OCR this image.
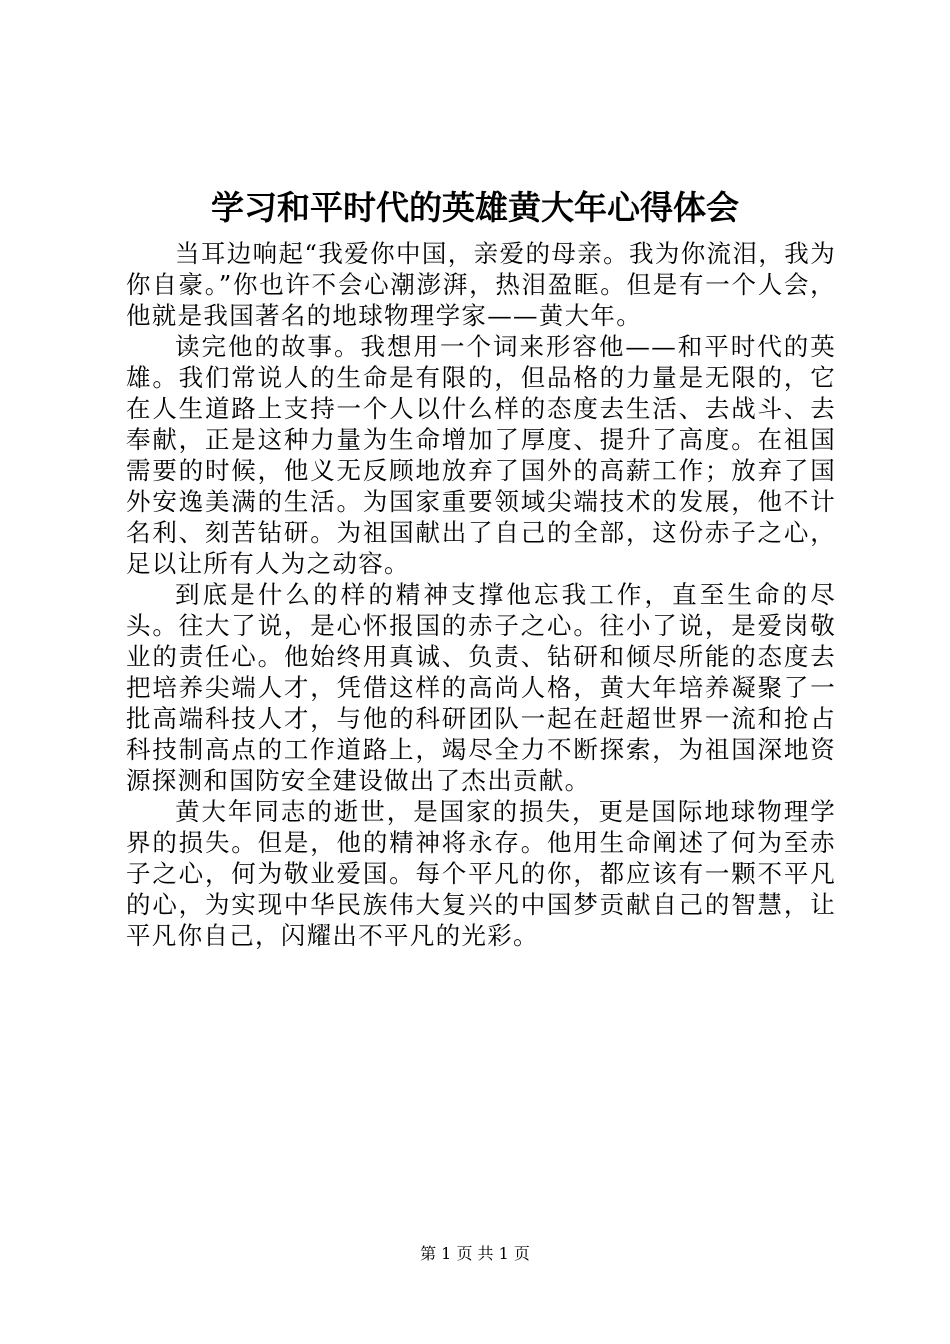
学习和平时代的英雄黄大年心得体会

当耳边响起“我爱你中国，亲爱的母亲。我为你流泪，我为你自豪。”你也许不会心潮澎湃，热泪盈眶。但是有一个人会，他就是我国著名的地球物理学家——黄大年。

读完他的故事。我想用一个词来形容他——和平时代的英雄。我们常说人的生命是有限的，但品格的力量是无限的，它在人生道路上支持一个人以什么样的态度去生活、去战斗、去奉献，正是这种力量为生命增加了厚度、提升了高度。在祖国需要的时候，他义无反顾地放弃了国外的高薪工作；放弃了国外安逸美满的生活。为国家重要领域尖端技术的发展，他不计名利、刻苦钻研。为祖国献出了自己的全部，这份赤子之心，足以让所有人为之动容。

到底是什么的样的精神支撑他忘我工作，直至生命的尽头。往大了说，是心怀报国的赤子之心。往小了说，是爱岗敬业的责任心。他始终用真诚、负责、钻研和倾尽所能的态度去把培养尖端人才，凭借这样的高尚人格，黄大年培养凝聚了一批高端科技人才，与他的科研团队一起在赶超世界一流和抢占科技制高点的工作道路上，竭尽全力不断探索，为祖国深地资源探测和国防安全建设做出了杰出贡献。

黄大年同志的逝世，是国家的损失，更是国际地球物理学界的损失。但是，他的精神将永存。他用生命阐述了何为至赤子之心，何为敬业爱国。每个平凡的你，都应该有一颗不平凡的心，为实现中华民族伟大复兴的中国梦贡献自己的智慧，让平凡你自己，闪耀出不平凡的光彩。

第 1 页 共 1 页
